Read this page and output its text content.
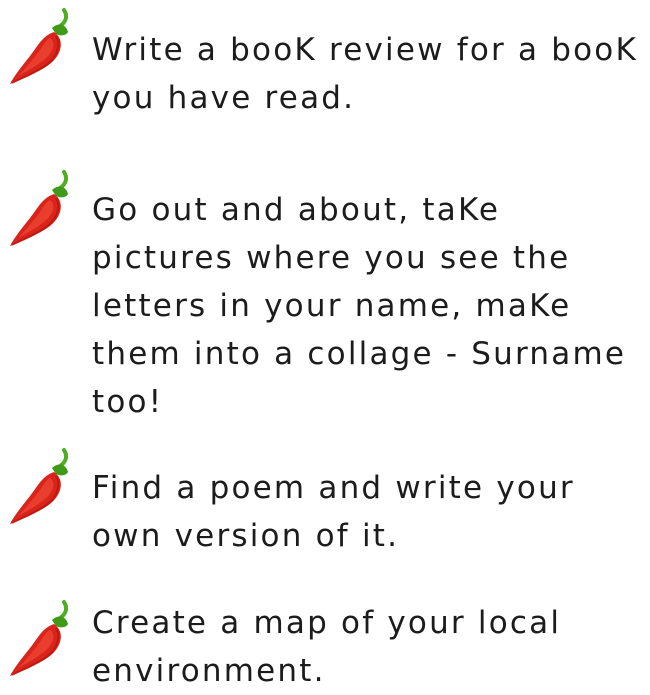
Write a booK review for a booK you have read.

Go out and about, taKe pictures where you see the letters in your name, maKe them into a collage - Surname too!

Find a poem and write your own version of it.

Create a map of your local environment.
